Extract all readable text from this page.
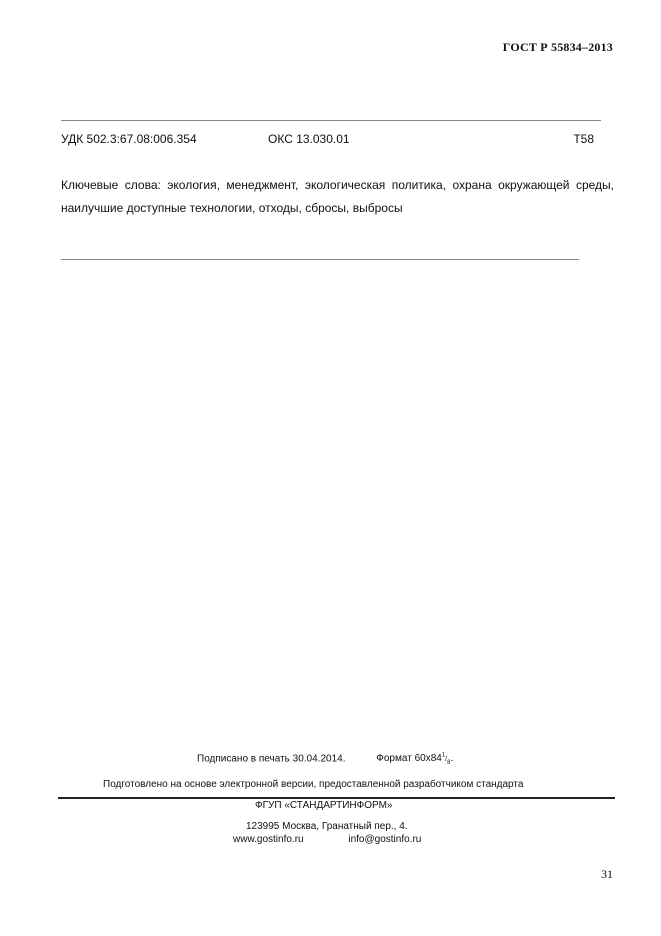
ГОСТ Р 55834–2013
УДК 502.3:67.08:006.354	ОКС 13.030.01	Т58
Ключевые слова: экология, менеджмент, экологическая политика, охрана окружающей среды, наилучшие доступные технологии, отходы, сбросы, выбросы
Подписано в печать 30.04.2014.	Формат $60x84^1/_8$.
Подготовлено на основе электронной версии, предоставленной разработчиком стандарта
ФГУП «СТАНДАРТИНФОРМ»
123995 Москва, Гранатный пер., 4.
www.gostinfo.ru	info@gostinfo.ru
31
